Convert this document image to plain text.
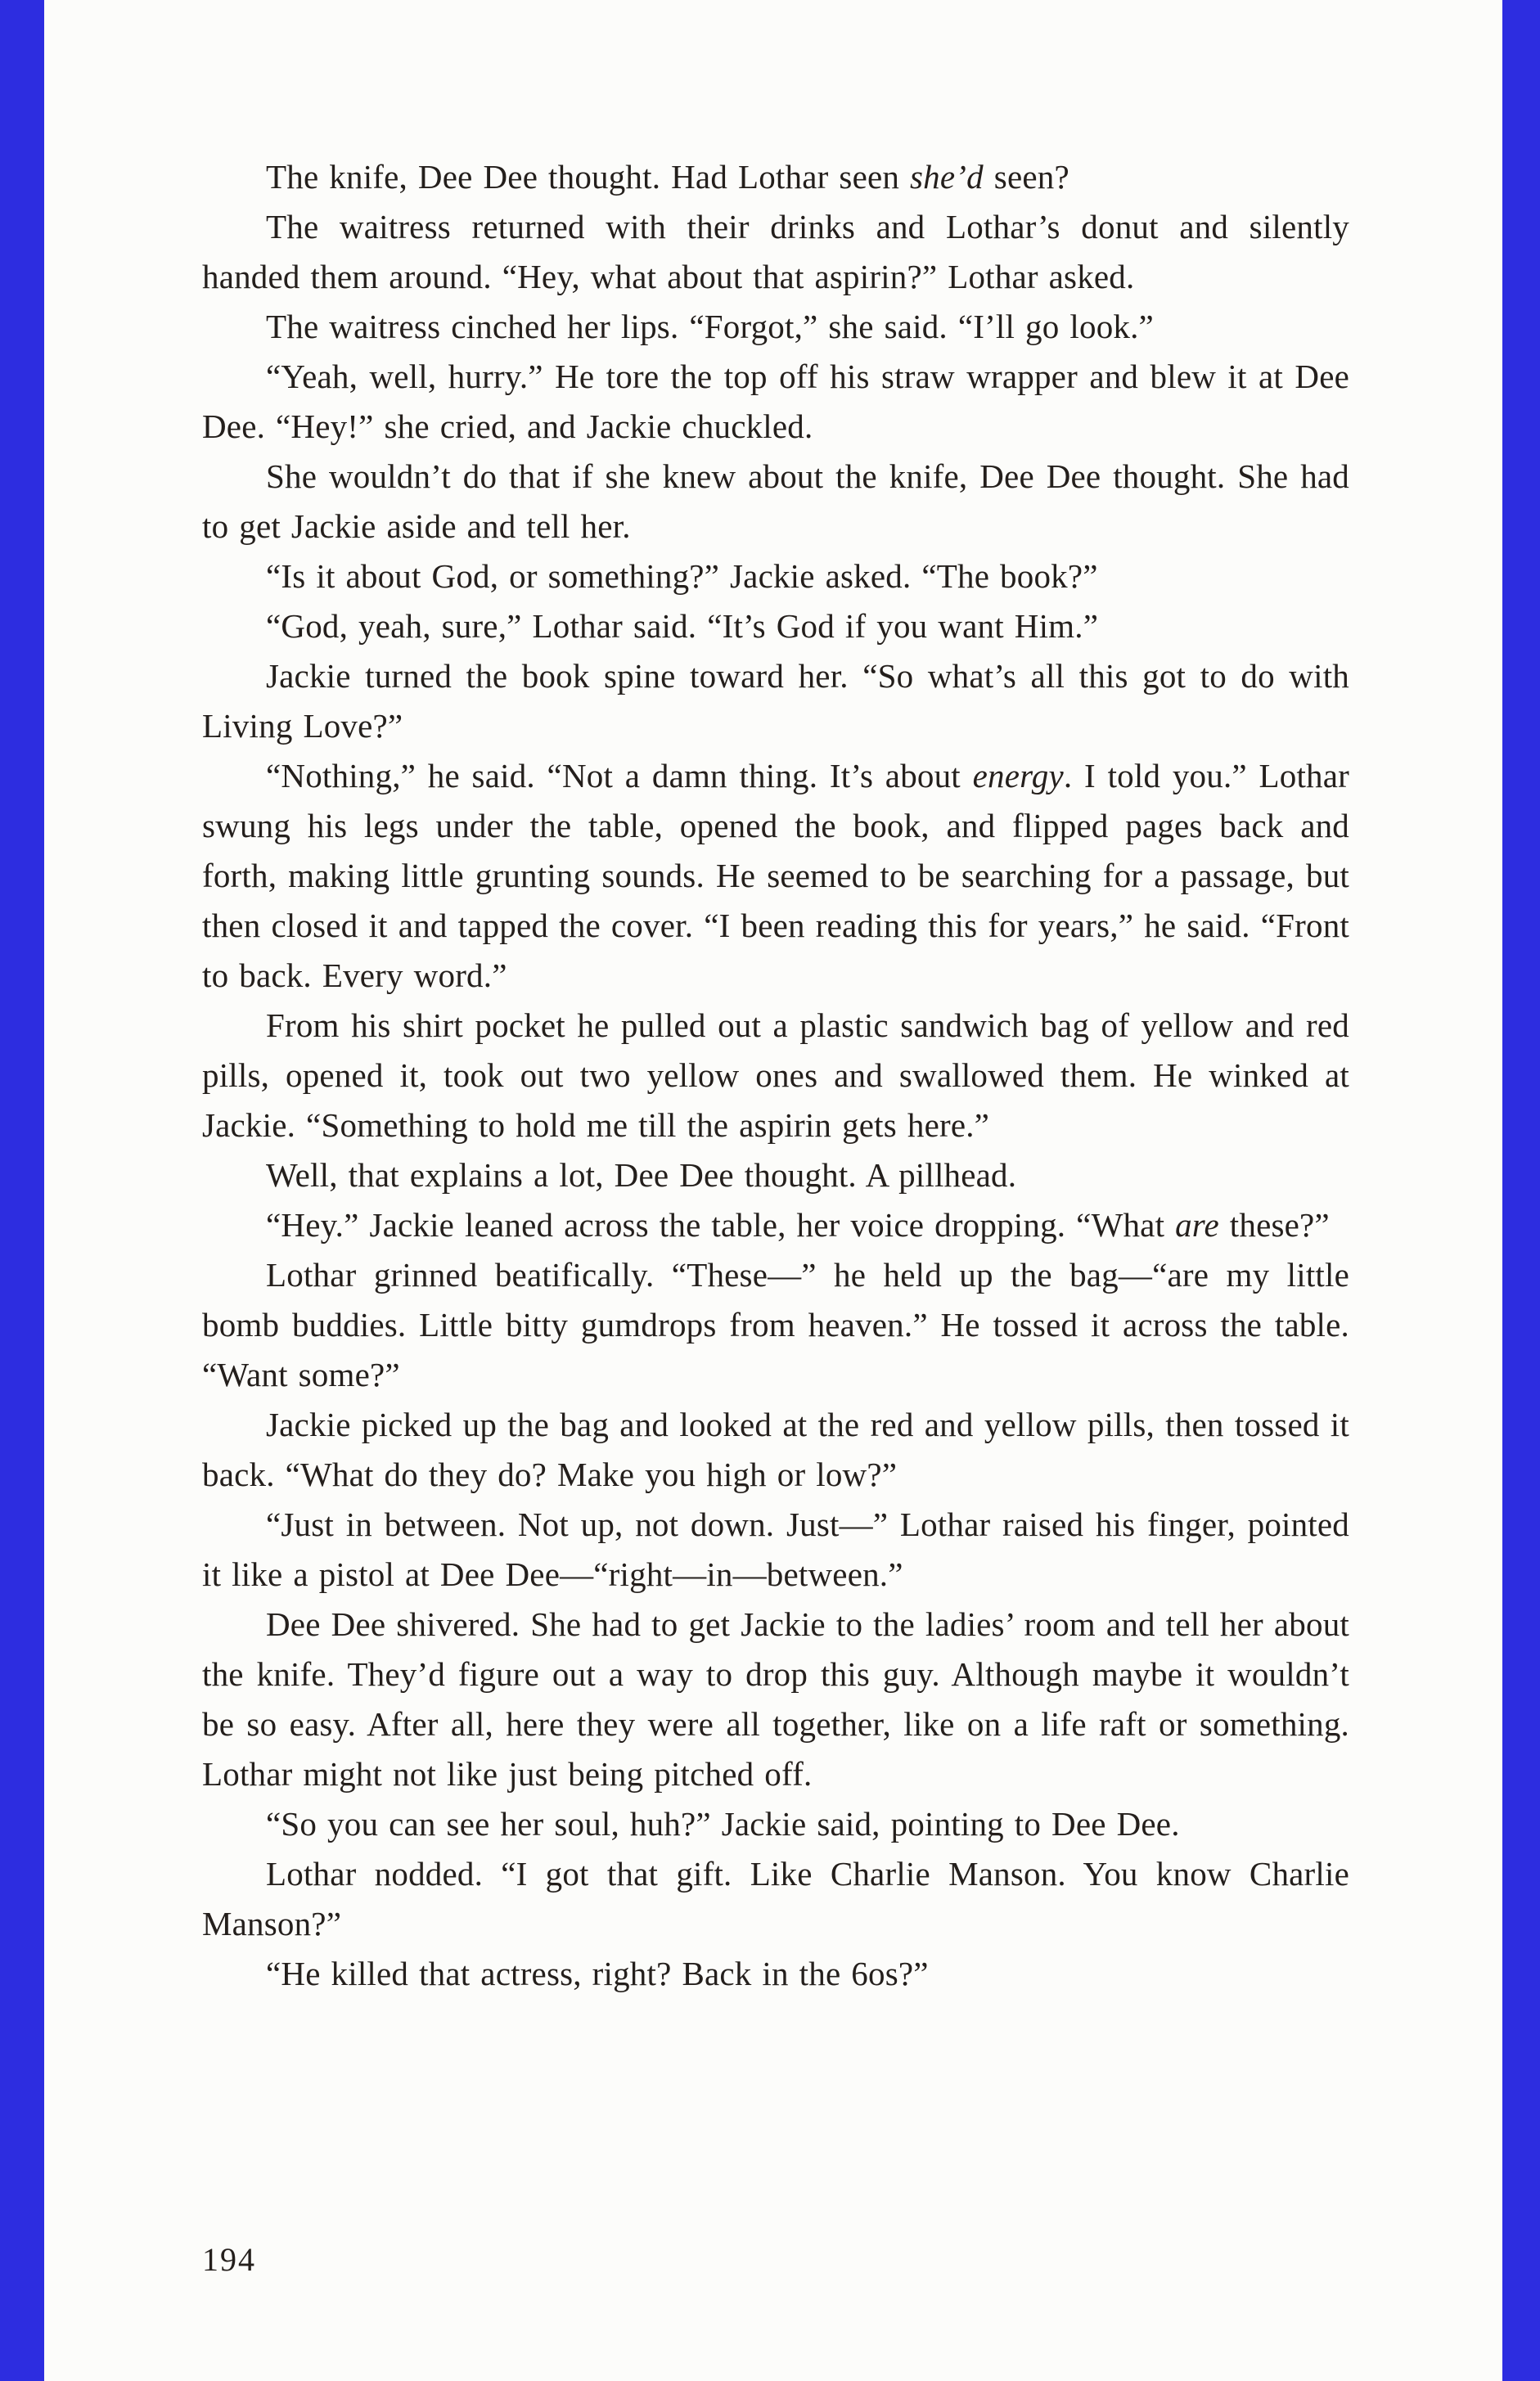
The knife, Dee Dee thought. Had Lothar seen she’d seen?

The waitress returned with their drinks and Lothar’s donut and silently handed them around. “Hey, what about that aspirin?” Lothar asked.

The waitress cinched her lips. “Forgot,” she said. “I’ll go look.”

“Yeah, well, hurry.” He tore the top off his straw wrapper and blew it at Dee Dee. “Hey!” she cried, and Jackie chuckled.

She wouldn’t do that if she knew about the knife, Dee Dee thought. She had to get Jackie aside and tell her.

“Is it about God, or something?” Jackie asked. “The book?”

“God, yeah, sure,” Lothar said. “It’s God if you want Him.”

Jackie turned the book spine toward her. “So what’s all this got to do with Living Love?”

“Nothing,” he said. “Not a damn thing. It’s about energy. I told you.” Lothar swung his legs under the table, opened the book, and flipped pages back and forth, making little grunting sounds. He seemed to be searching for a passage, but then closed it and tapped the cover. “I been reading this for years,” he said. “Front to back. Every word.”

From his shirt pocket he pulled out a plastic sandwich bag of yellow and red pills, opened it, took out two yellow ones and swallowed them. He winked at Jackie. “Something to hold me till the aspirin gets here.”

Well, that explains a lot, Dee Dee thought. A pillhead.

“Hey.” Jackie leaned across the table, her voice dropping. “What are these?”

Lothar grinned beatifically. “These—” he held up the bag—“are my little bomb buddies. Little bitty gumdrops from heaven.” He tossed it across the table. “Want some?”

Jackie picked up the bag and looked at the red and yellow pills, then tossed it back. “What do they do? Make you high or low?”

“Just in between. Not up, not down. Just—” Lothar raised his finger, pointed it like a pistol at Dee Dee—“right—in—between.”

Dee Dee shivered. She had to get Jackie to the ladies’ room and tell her about the knife. They’d figure out a way to drop this guy. Although maybe it wouldn’t be so easy. After all, here they were all together, like on a life raft or something. Lothar might not like just being pitched off.

“So you can see her soul, huh?” Jackie said, pointing to Dee Dee.

Lothar nodded. “I got that gift. Like Charlie Manson. You know Charlie Manson?”

“He killed that actress, right? Back in the 6os?”

194
